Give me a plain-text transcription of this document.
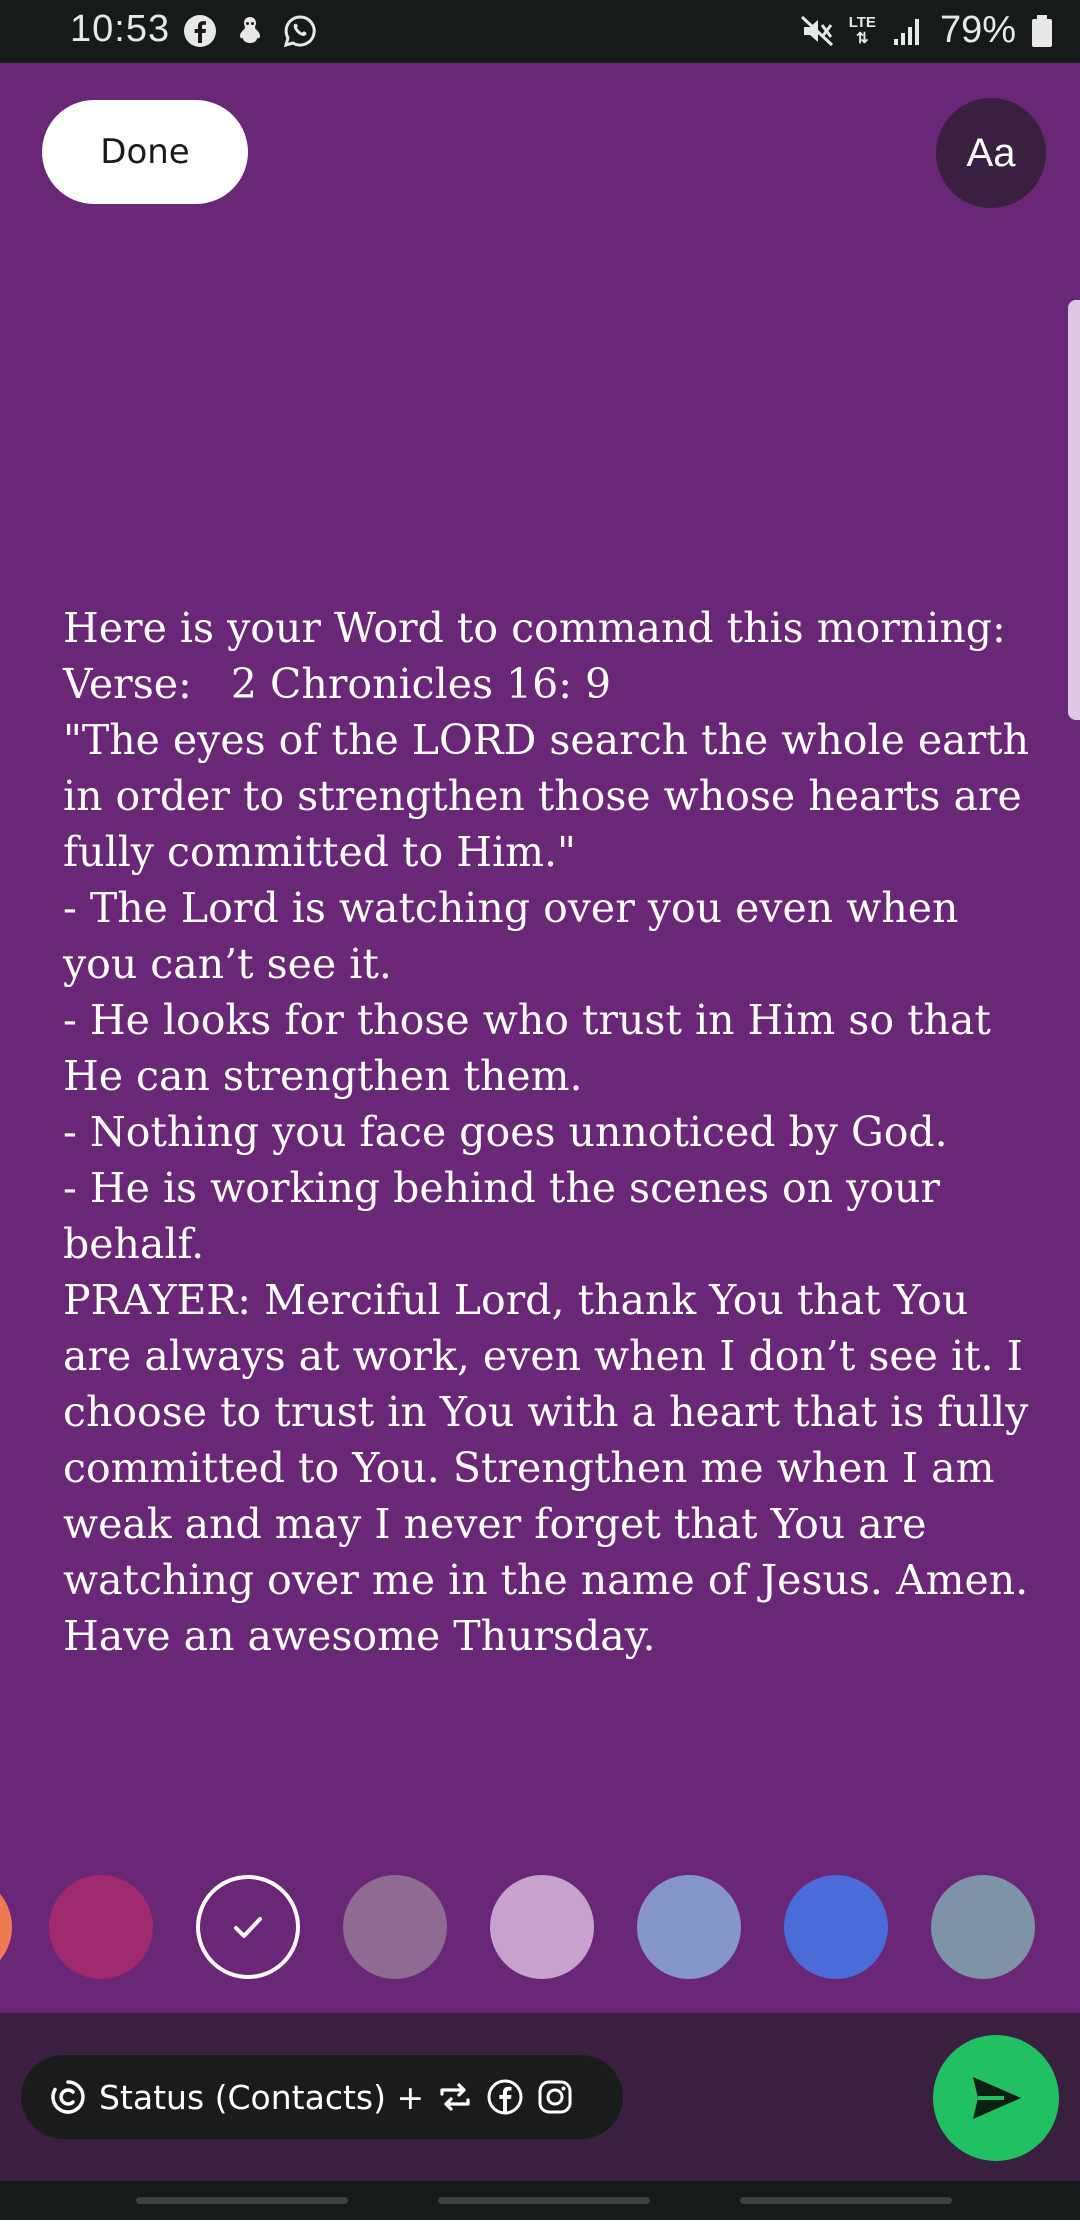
10:53	LTE
⇅ 79%
Done	Aa
Here is your Word to command this morning:
Verse:   2 Chronicles 16: 9
"The eyes of the LORD search the whole earth in order to strengthen those whose hearts are fully committed to Him."
- The Lord is watching over you even when you can’t see it.
- He looks for those who trust in Him so that He can strengthen them.
- Nothing you face goes unnoticed by God.
- He is working behind the scenes on your behalf.
PRAYER: Merciful Lord, thank You that You are always at work, even when I don’t see it. I choose to trust in You with a heart that is fully committed to You. Strengthen me when I am weak and may I never forget that You are watching over me in the name of Jesus. Amen.
Have an awesome Thursday.
Status (Contacts) +
